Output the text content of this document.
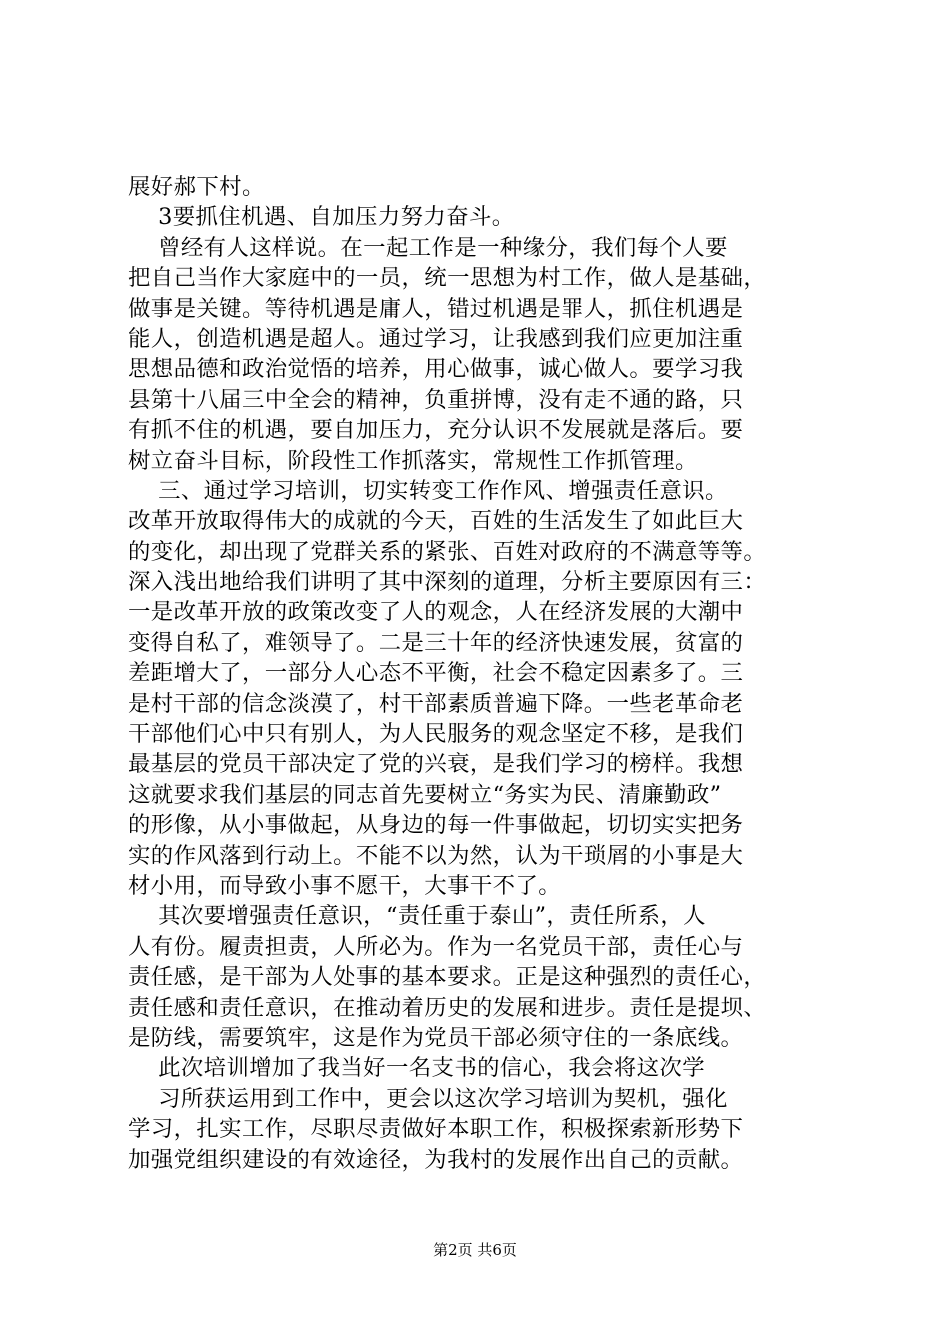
展好郝下村。
3要抓住机遇、自加压力努力奋斗。
曾经有人这样说。在一起工作是一种缘分，我们每个人要
把自己当作大家庭中的一员，统一思想为村工作，做人是基础，
做事是关键。等待机遇是庸人，错过机遇是罪人，抓住机遇是
能人，创造机遇是超人。通过学习，让我感到我们应更加注重
思想品德和政治觉悟的培养，用心做事，诚心做人。要学习我
县第十八届三中全会的精神，负重拼博，没有走不通的路，只
有抓不住的机遇，要自加压力，充分认识不发展就是落后。要
树立奋斗目标，阶段性工作抓落实，常规性工作抓管理。
三、通过学习培训，切实转变工作作风、增强责任意识。
改革开放取得伟大的成就的今天，百姓的生活发生了如此巨大
的变化，却出现了党群关系的紧张、百姓对政府的不满意等等。
深入浅出地给我们讲明了其中深刻的道理，分析主要原因有三：
一是改革开放的政策改变了人的观念，人在经济发展的大潮中
变得自私了，难领导了。二是三十年的经济快速发展，贫富的
差距增大了，一部分人心态不平衡，社会不稳定因素多了。三
是村干部的信念淡漠了，村干部素质普遍下降。一些老革命老
干部他们心中只有别人，为人民服务的观念坚定不移，是我们
最基层的党员干部决定了党的兴衰，是我们学习的榜样。我想
这就要求我们基层的同志首先要树立“务实为民、清廉勤政”
的形像，从小事做起，从身边的每一件事做起，切切实实把务
实的作风落到行动上。不能不以为然，认为干琐屑的小事是大
材小用，而导致小事不愿干，大事干不了。
其次要增强责任意识，“责任重于泰山”，责任所系，人
人有份。履责担责，人所必为。作为一名党员干部，责任心与
责任感，是干部为人处事的基本要求。正是这种强烈的责任心，
责任感和责任意识，在推动着历史的发展和进步。责任是提坝、
是防线，需要筑牢，这是作为党员干部必须守住的一条底线。
此次培训增加了我当好一名支书的信心，我会将这次学
习所获运用到工作中，更会以这次学习培训为契机，强化
学习，扎实工作，尽职尽责做好本职工作，积极探索新形势下
加强党组织建设的有效途径，为我村的发展作出自己的贡献。
第2页 共6页
